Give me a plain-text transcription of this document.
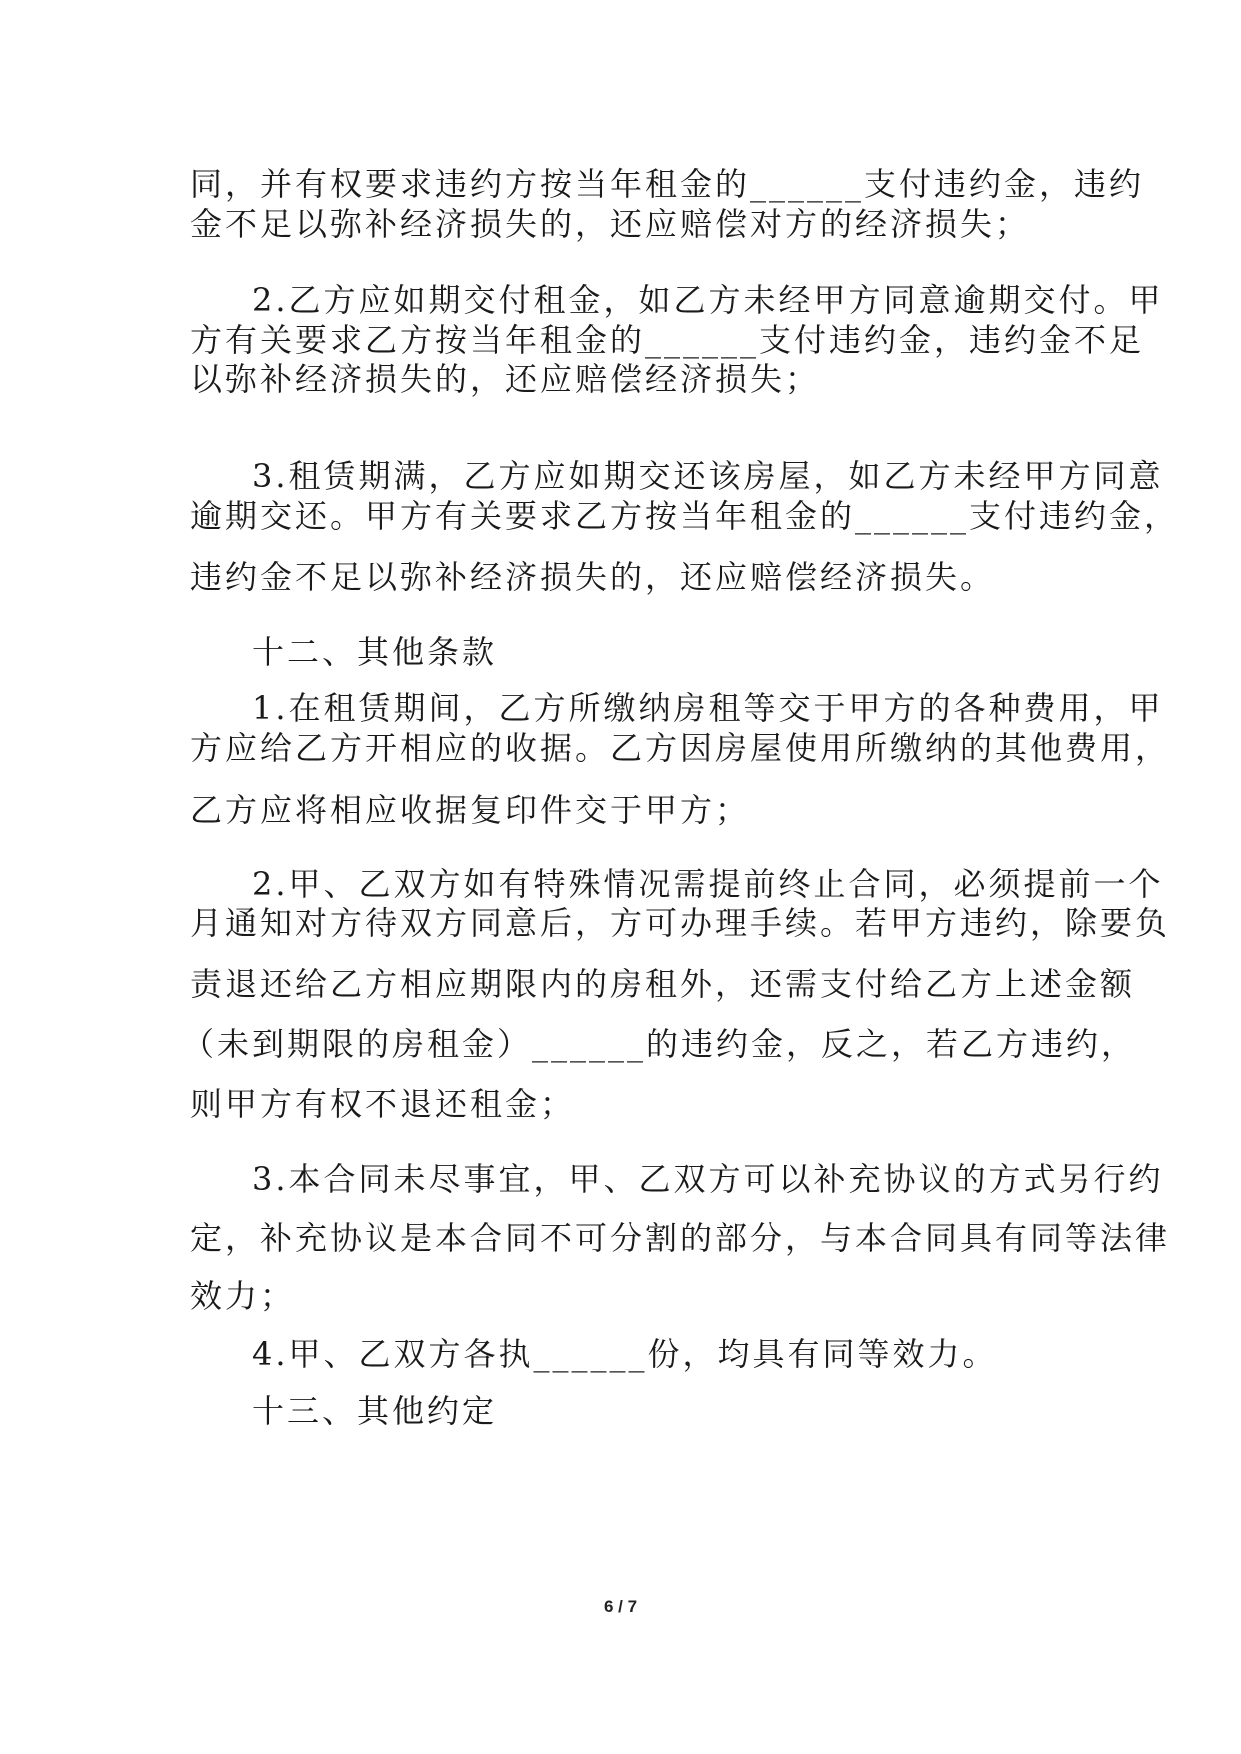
同，并有权要求违约方按当年租金的______支付违约金，违约
金不足以弥补经济损失的，还应赔偿对方的经济损失；
2.乙方应如期交付租金，如乙方未经甲方同意逾期交付。甲
方有关要求乙方按当年租金的______支付违约金，违约金不足
以弥补经济损失的，还应赔偿经济损失；
3.租赁期满，乙方应如期交还该房屋，如乙方未经甲方同意
逾期交还。甲方有关要求乙方按当年租金的______支付违约金，
违约金不足以弥补经济损失的，还应赔偿经济损失。
十二、其他条款
1.在租赁期间，乙方所缴纳房租等交于甲方的各种费用，甲
方应给乙方开相应的收据。乙方因房屋使用所缴纳的其他费用，
乙方应将相应收据复印件交于甲方；
2.甲、乙双方如有特殊情况需提前终止合同，必须提前一个
月通知对方待双方同意后，方可办理手续。若甲方违约，除要负
责退还给乙方相应期限内的房租外，还需支付给乙方上述金额
（未到期限的房租金）______的违约金，反之，若乙方违约，
则甲方有权不退还租金；
3.本合同未尽事宜，甲、乙双方可以补充协议的方式另行约
定，补充协议是本合同不可分割的部分，与本合同具有同等法律
效力；
4.甲、乙双方各执______份，均具有同等效力。
十三、其他约定
6 / 7
